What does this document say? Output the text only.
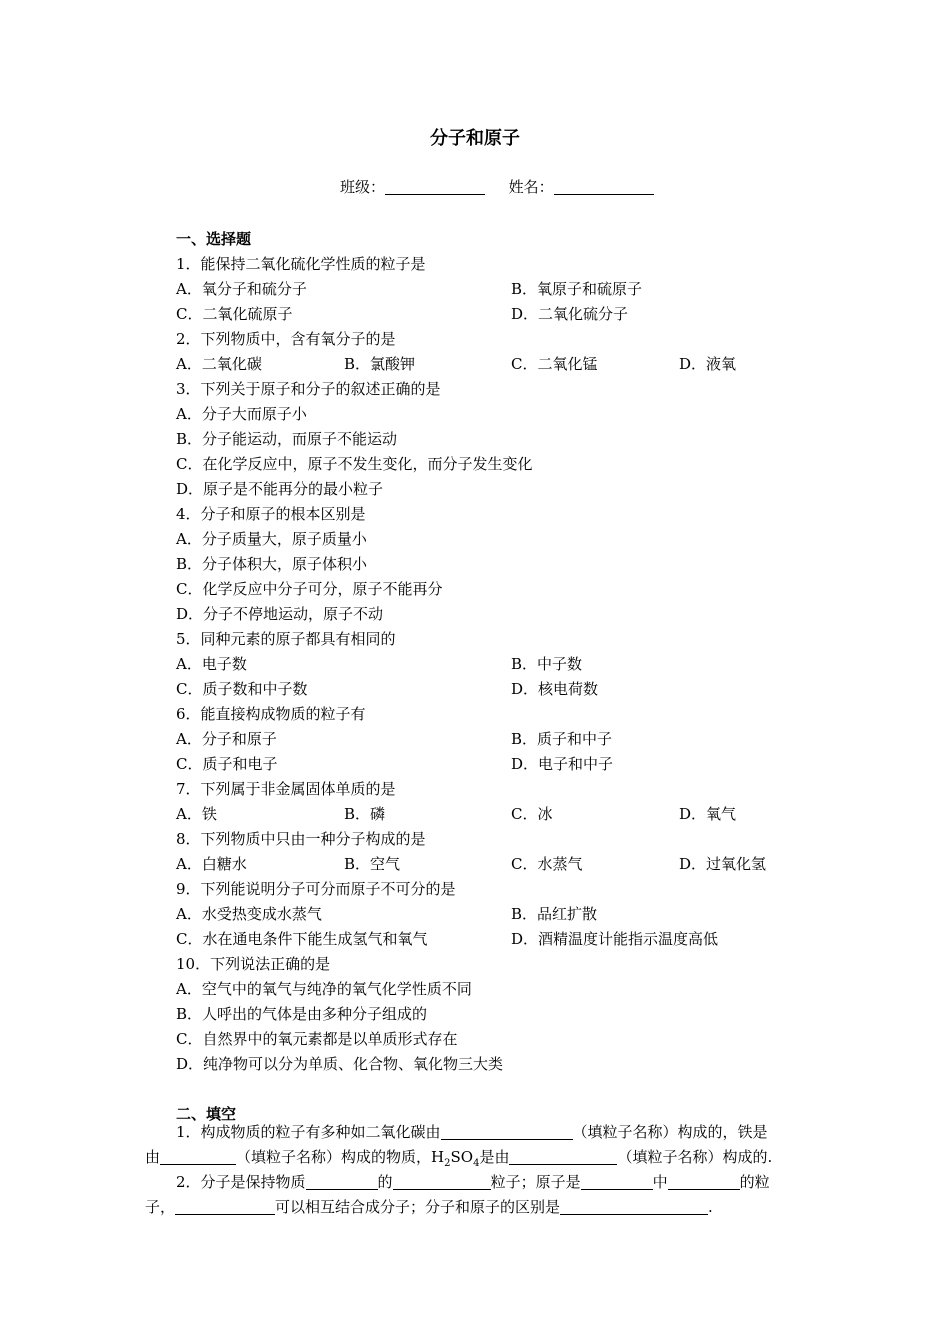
分子和原子
班级：	姓名：
一、选择题
1．能保持二氧化硫化学性质的粒子是
A．氧分子和硫分子	B．氧原子和硫原子
C．二氧化硫原子	D．二氧化硫分子
2．下列物质中，含有氧分子的是
A．二氧化碳	B．氯酸钾	C．二氧化锰	D．液氧
3．下列关于原子和分子的叙述正确的是
A．分子大而原子小
B．分子能运动，而原子不能运动
C．在化学反应中，原子不发生变化，而分子发生变化
D．原子是不能再分的最小粒子
4．分子和原子的根本区别是
A．分子质量大，原子质量小
B．分子体积大，原子体积小
C．化学反应中分子可分，原子不能再分
D．分子不停地运动，原子不动
5．同种元素的原子都具有相同的
A．电子数	B．中子数
C．质子数和中子数	D．核电荷数
6．能直接构成物质的粒子有
A．分子和原子	B．质子和中子
C．质子和电子	D．电子和中子
7．下列属于非金属固体单质的是
A．铁	B．磷	C．冰	D．氧气
8．下列物质中只由一种分子构成的是
A．白糖水	B．空气	C．水蒸气	D．过氧化氢
9．下列能说明分子可分而原子不可分的是
A．水受热变成水蒸气	B．品红扩散
C．水在通电条件下能生成氢气和氧气	D．酒精温度计能指示温度高低
10．下列说法正确的是
A．空气中的氧气与纯净的氧气化学性质不同
B．人呼出的气体是由多种分子组成的
C．自然界中的氧元素都是以单质形式存在
D．纯净物可以分为单质、化合物、氧化物三大类
二、填空
1．构成物质的粒子有多种如二氧化碳由	（填粒子名称）构成的，铁是
由	（填粒子名称）构成的物质，$H_2SO_4$是由	（填粒子名称）构成的.
2．分子是保持物质	的	粒子；原子是	中	的粒
子，	可以相互结合成分子；分子和原子的区别是	.
